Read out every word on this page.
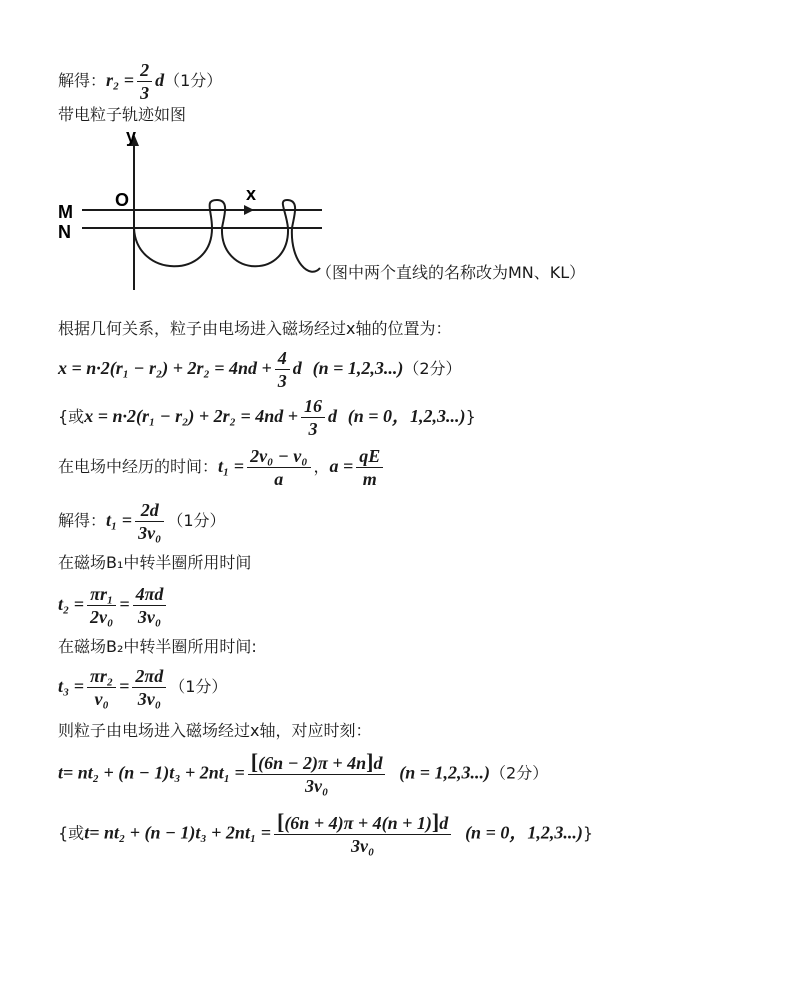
解得：$r_2 = \frac{2}{3} d(1$分）
带电粒子轨迹如图
y
x
O
M
N
（图中两个直线的名称改为MN、KL）
根据几何关系，粒子由电场进入磁场经过x轴的位置为：
$x = n\cdot 2(r_1 - r_2) + 2r_2 = 4nd + \frac{4}{3}$ d (n = 1,2,3...)（2分）
{或$x = n\cdot 2(r_1 - r_2) + 2r_2 = 4nd + \frac{16}{3}$ d (n = 0，1,2,3...)}
在电场中经历的时间：$t_1 = \frac{\text{2v₀ − v₀}}{a}$ ，$a = \frac{qE}{m}$
解得：$t_1 = \frac{2d}{\text{3v₀}} (1$分）
在磁场B₁中转半圈所用时间
$t_2 = \frac{\text{πr₁}}{\text{2v₀}} = \frac{4\pi d}{\text{3v₀}}$
在磁场B₂中转半圈所用时间:
$t_3 = \frac{\text{πr₂}}{\text{v₀}} = \frac{2\pi d}{\text{3v₀}} (1$分）
则粒子由电场进入磁场经过x轴，对应时刻：
$t= nt_2 + (n - 1)t_3 + 2nt_1 = \frac{[(6n - 2)\pi + 4n]d}{\text{3v₀}} (n = 1,2,3...)(2$分）
{或$t= nt_2 + (n - 1)t_3 + 2nt_1 = \frac{[(6n + 4)\pi + 4(n + 1)]d}{\text{3v₀}} (n = 0$，1,2,3...)}
